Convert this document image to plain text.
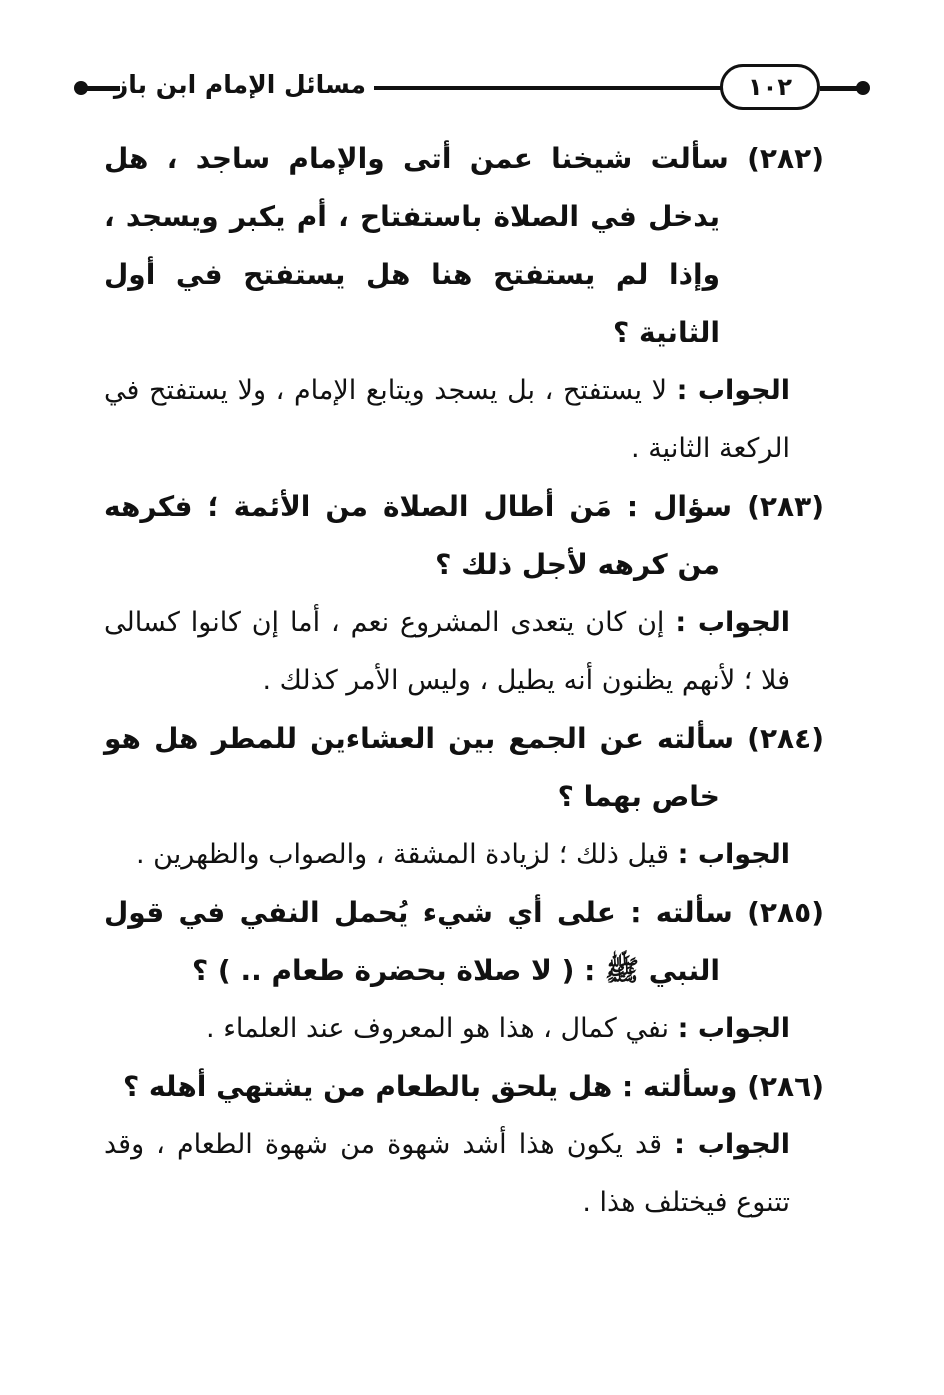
مسائل الإمام ابن باز	١٠٢

(٢٨٢) سألت شيخنا عمن أتى والإمام ساجد ، هل يدخل في الصلاة باستفتاح ، أم يكبر ويسجد ، وإذا لم يستفتح هنا هل يستفتح في أول الثانية ؟

الجواب : لا يستفتح ، بل يسجد ويتابع الإمام ، ولا يستفتح في الركعة الثانية .

(٢٨٣) سؤال : مَن أطال الصلاة من الأئمة ؛ فكرهه من كرهه لأجل ذلك ؟

الجواب : إن كان يتعدى المشروع نعم ، أما إن كانوا كسالى فلا ؛ لأنهم يظنون أنه يطيل ، وليس الأمر كذلك .

(٢٨٤) سألته عن الجمع بين العشاءين للمطر هل هو خاص بهما ؟

الجواب : قيل ذلك ؛ لزيادة المشقة ، والصواب والظهرين .

(٢٨٥) سألته : على أي شيء يُحمل النفي في قول النبي ﷺ : ( لا صلاة بحضرة طعام .. ) ؟

الجواب : نفي كمال ، هذا هو المعروف عند العلماء .

(٢٨٦) وسألته : هل يلحق بالطعام من يشتهي أهله ؟

الجواب : قد يكون هذا أشد شهوة من شهوة الطعام ، وقد تتنوع فيختلف هذا .
